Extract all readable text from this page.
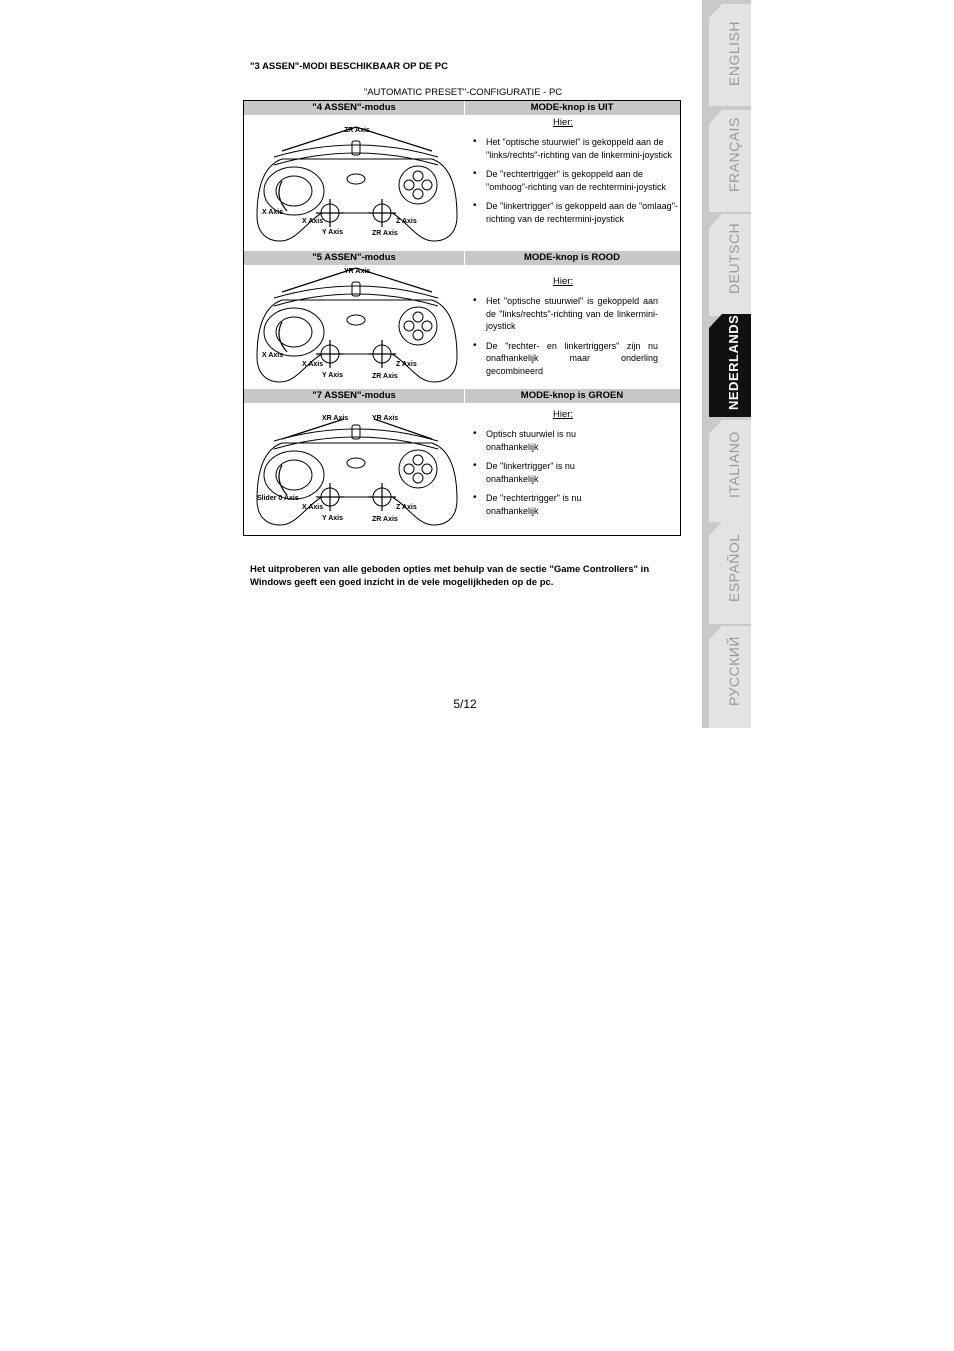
"3 ASSEN"-MODI BESCHIKBAAR OP DE PC
"AUTOMATIC PRESET"-CONFIGURATIE - PC
"4 ASSEN"-modus	MODE-knop is UIT
Hier:
• Het "optische stuurwiel" is gekoppeld aan de "links/rechts"-richting van de linkermini-joystick
• De "rechtertrigger" is gekoppeld aan de "omhoog"-richting van de rechtermini-joystick
• De "linkertrigger" is gekoppeld aan de "omlaag"-richting van de rechtermini-joystick
"5 ASSEN"-modus	MODE-knop is ROOD
Hier:
• Het "optische stuurwiel" is gekoppeld aan de "links/rechts"-richting van de linkermini-joystick
• De "rechter- en linkertriggers" zijn nu onafhankelijk maar onderling gecombineerd
"7 ASSEN"-modus	MODE-knop is GROEN
Hier:
• Optisch stuurwiel is nu onafhankelijk
• De "linkertrigger" is nu onafhankelijk
• De "rechtertrigger" is nu onafhankelijk
ZR Axis
X Axis
X Axis
Y Axis
Z Axis
ZR Axis
YR Axis
X Axis
X Axis
Y Axis
Z Axis
ZR Axis
XR Axis	YR Axis
Slider 0 Axis
X Axis
Y Axis
Z Axis
ZR Axis
Het uitproberen van alle geboden opties met behulp van de sectie "Game Controllers" in Windows geeft een goed inzicht in de vele mogelijkheden op de pc.
5/12
ENGLISH
FRANÇAIS
DEUTSCH
NEDERLANDS
ITALIANO
ESPAÑOL
РУССКИЙ
